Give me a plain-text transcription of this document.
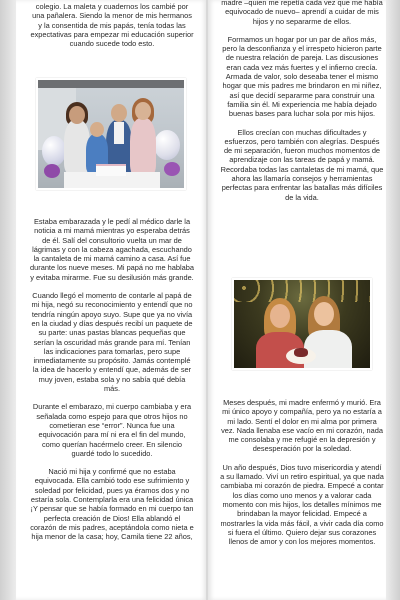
colegio. La maleta y cuadernos los cambié por una pañalera. Siendo la menor de mis hermanos y la consentida de mis papás, tenía todas las expectativas para empezar mi educación superior cuando sucede todo esto.

Estaba embarazada y le pedí al médico darle la noticia a mi mamá mientras yo esperaba detrás de él. Salí del consultorio vuelta un mar de lágrimas y con la cabeza agachada, escuchando la cantaleta de mi mamá camino a casa. Así fue durante los nueve meses. Mi papá no me hablaba y evitaba mirarme. Fue su desilusión más grande.

Cuando llegó el momento de contarle al papá de mi hija, negó su reconocimiento y entendí que no tendría ningún apoyo suyo. Supe que ya no vivía en la ciudad y días después recibí un paquete de su parte: unas pastas blancas pequeñas que serían la oscuridad más grande para mí. Tenían las indicaciones para tomarlas, pero supe inmediatamente su propósito. Jamás contemplé la idea de hacerlo y entendí que, además de ser muy joven, estaba sola y no sabía qué debía más.

Durante el embarazo, mi cuerpo cambiaba y era señalada como espejo para que otros hijos no cometieran ese “error”. Nunca fue una equivocación para mí ni era el fin del mundo, como querían hacérmelo creer. En silencio guardé todo lo sucedido.

Nació mi hija y confirmé que no estaba equivocada. Ella cambió todo ese sufrimiento y soledad por felicidad, pues ya éramos dos y no estaría sola. Contemplarla era una felicidad única ¡Y pensar que se había formado en mi cuerpo tan perfecta creación de Dios! Ella ablandó el corazón de mis padres, aceptándola como nieta e hija menor de la casa; hoy, Camila tiene 22 años,

madre –quien me repetía cada vez que me había equivocado de nuevo– aprendí a cuidar de mis hijos y no separarme de ellos.

Formamos un hogar por un par de años más, pero la desconfianza y el irrespeto hicieron parte de nuestra relación de pareja. Las discusiones eran cada vez más fuertes y el infierno crecía. Armada de valor, solo deseaba tener el mismo hogar que mis padres me brindaron en mi niñez, así que decidí separarme para construir una familia sin él. Mi experiencia me había dejado buenas bases para luchar sola por mis hijos.

Ellos crecían con muchas dificultades y esfuerzos, pero también con alegrías. Después de mi separación, fueron muchos momentos de aprendizaje con las tareas de papá y mamá. Recordaba todas las cantaletas de mi mamá, que ahora las llamaría consejos y herramientas perfectas para enfrentar las batallas más difíciles de la vida.

Meses después, mi madre enfermó y murió. Era mi único apoyo y compañía, pero ya no estaría a mi lado. Sentí el dolor en mi alma por primera vez. Nada llenaba ese vacío en mi corazón, nada me consolaba y me refugié en la depresión y desesperación por la soledad.

Un año después, Dios tuvo misericordia y atendí a su llamado. Viví un retiro espiritual, ya que nada cambiaba mi corazón de piedra. Empecé a contar los días como uno menos y a valorar cada momento con mis hijos, los detalles mínimos me brindaban la mayor felicidad. Empecé a mostrarles la vida más fácil, a vivir cada día como si fuera el último. Quiero dejar sus corazones llenos de amor y con los mejores momentos.
